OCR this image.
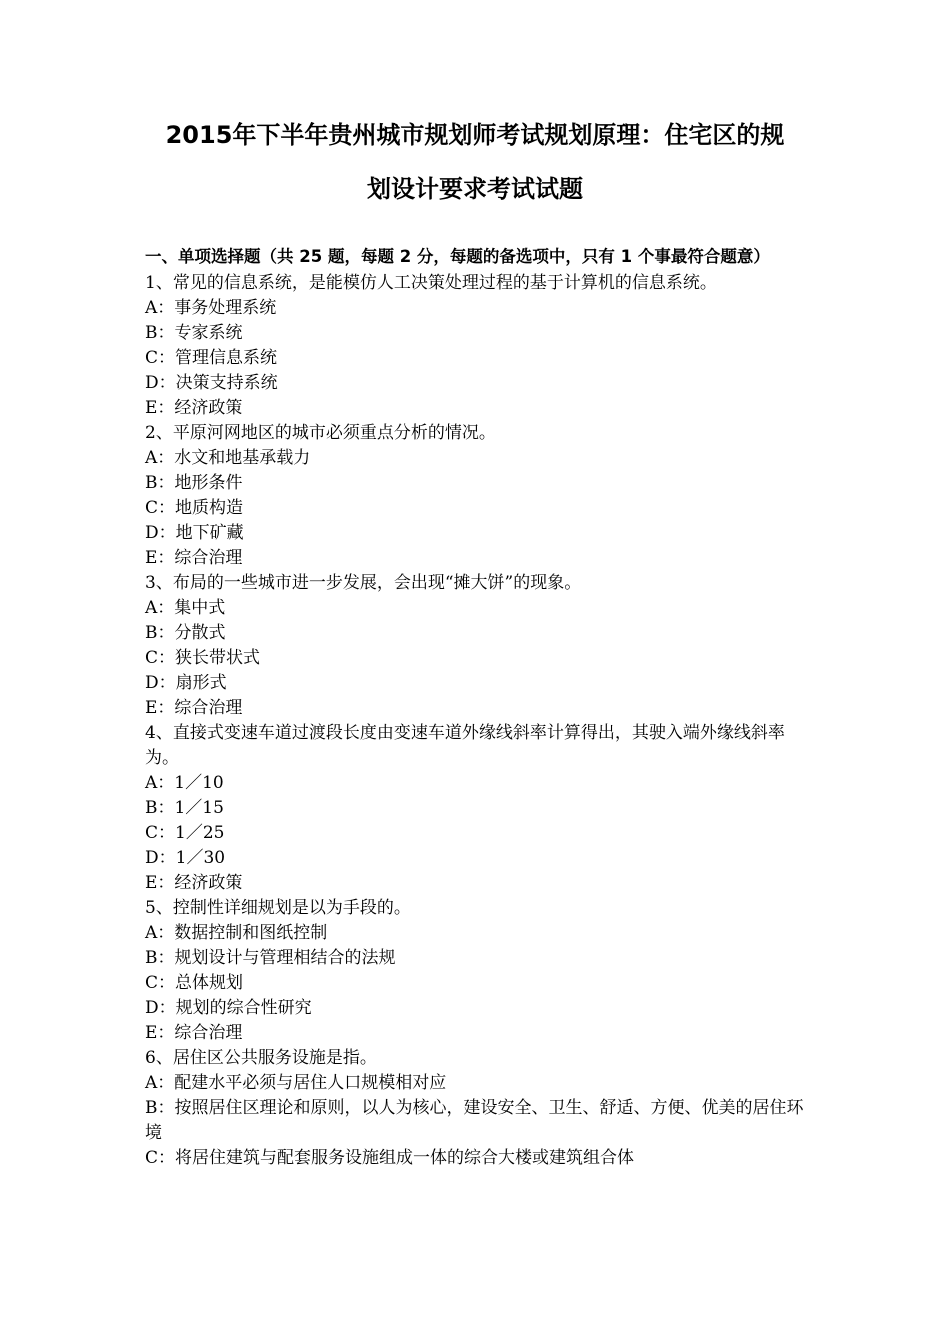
2015年下半年贵州城市规划师考试规划原理：住宅区的规
划设计要求考试试题
一、单项选择题（共 25 题，每题 2 分，每题的备选项中，只有 1 个事最符合题意）
1、常见的信息系统，是能模仿人工决策处理过程的基于计算机的信息系统。
A：事务处理系统
B：专家系统
C：管理信息系统
D：决策支持系统
E：经济政策
2、平原河网地区的城市必须重点分析的情况。
A：水文和地基承载力
B：地形条件
C：地质构造
D：地下矿藏
E：综合治理
3、布局的一些城市进一步发展，会出现“摊大饼”的现象。
A：集中式
B：分散式
C：狭长带状式
D：扇形式
E：综合治理
4、直接式变速车道过渡段长度由变速车道外缘线斜率计算得出，其驶入端外缘线斜率为。
A：1／10
B：1／15
C：1／25
D：1／30
E：经济政策
5、控制性详细规划是以为手段的。
A：数据控制和图纸控制
B：规划设计与管理相结合的法规
C：总体规划
D：规划的综合性研究
E：综合治理
6、居住区公共服务设施是指。
A：配建水平必须与居住人口规模相对应
B：按照居住区理论和原则，以人为核心，建设安全、卫生、舒适、方便、优美的居住环境
C：将居住建筑与配套服务设施组成一体的综合大楼或建筑组合体
